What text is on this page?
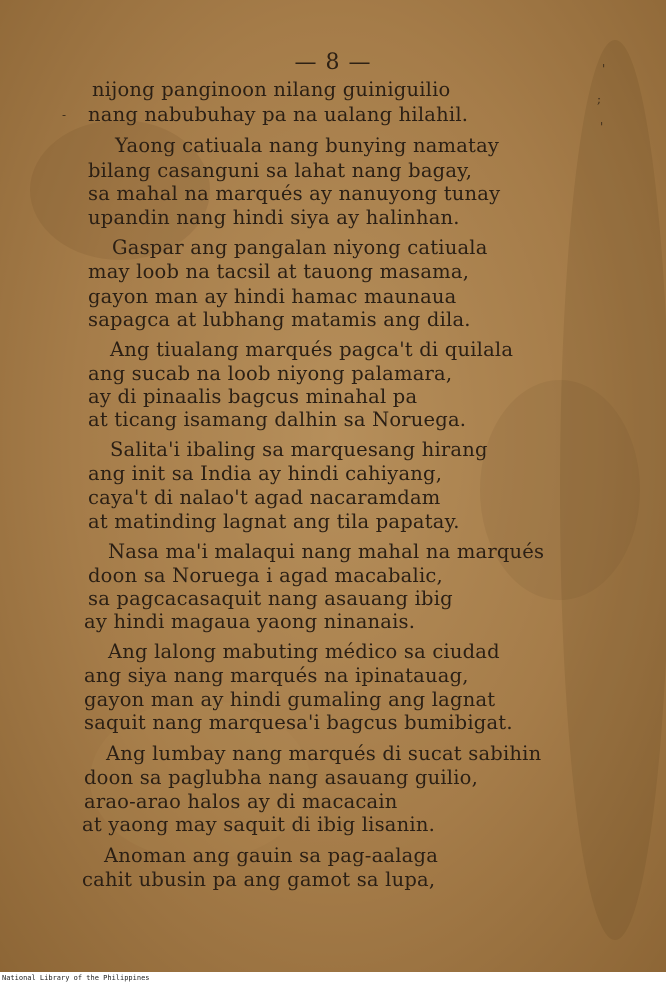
'
;
'
-
— 8 —
nijong panginoon nilang guiniguilio
nang nabubuhay pa na ualang hilahil.
Yaong catiuala nang bunying namatay
bilang casanguni sa lahat nang bagay,
sa mahal na marqués ay nanuyong tunay
upandin nang hindi siya ay halinhan.
Gaspar ang pangalan niyong catiuala
may loob na tacsil at tauong masama,
gayon man ay hindi hamac maunaua
sapagca at lubhang matamis ang dila.
Ang tiualang marqués pagca't di quilala
ang sucab na loob niyong palamara,
ay di pinaalis bagcus minahal pa
at ticang isamang dalhin sa Noruega.
Salita'i ibaling sa marquesang hirang
ang init sa India ay hindi cahiyang,
caya't di nalao't agad nacaramdam
at matinding lagnat ang tila papatay.
Nasa ma'i malaqui nang mahal na marqués
doon sa Noruega i agad macabalic,
sa pagcacasaquit nang asauang ibig
ay hindi magaua yaong ninanais.
Ang lalong mabuting médico sa ciudad
ang siya nang marqués na ipinatauag,
gayon man ay hindi gumaling ang lagnat
saquit nang marquesa'i bagcus bumibigat.
Ang lumbay nang marqués di sucat sabihin
doon sa paglubha nang asauang guilio,
arao-arao halos ay di macacain
at yaong may saquit di ibig lisanin.
Anoman ang gauin sa pag-aalaga
cahit ubusin pa ang gamot sa lupa,
National Library of the Philippines
